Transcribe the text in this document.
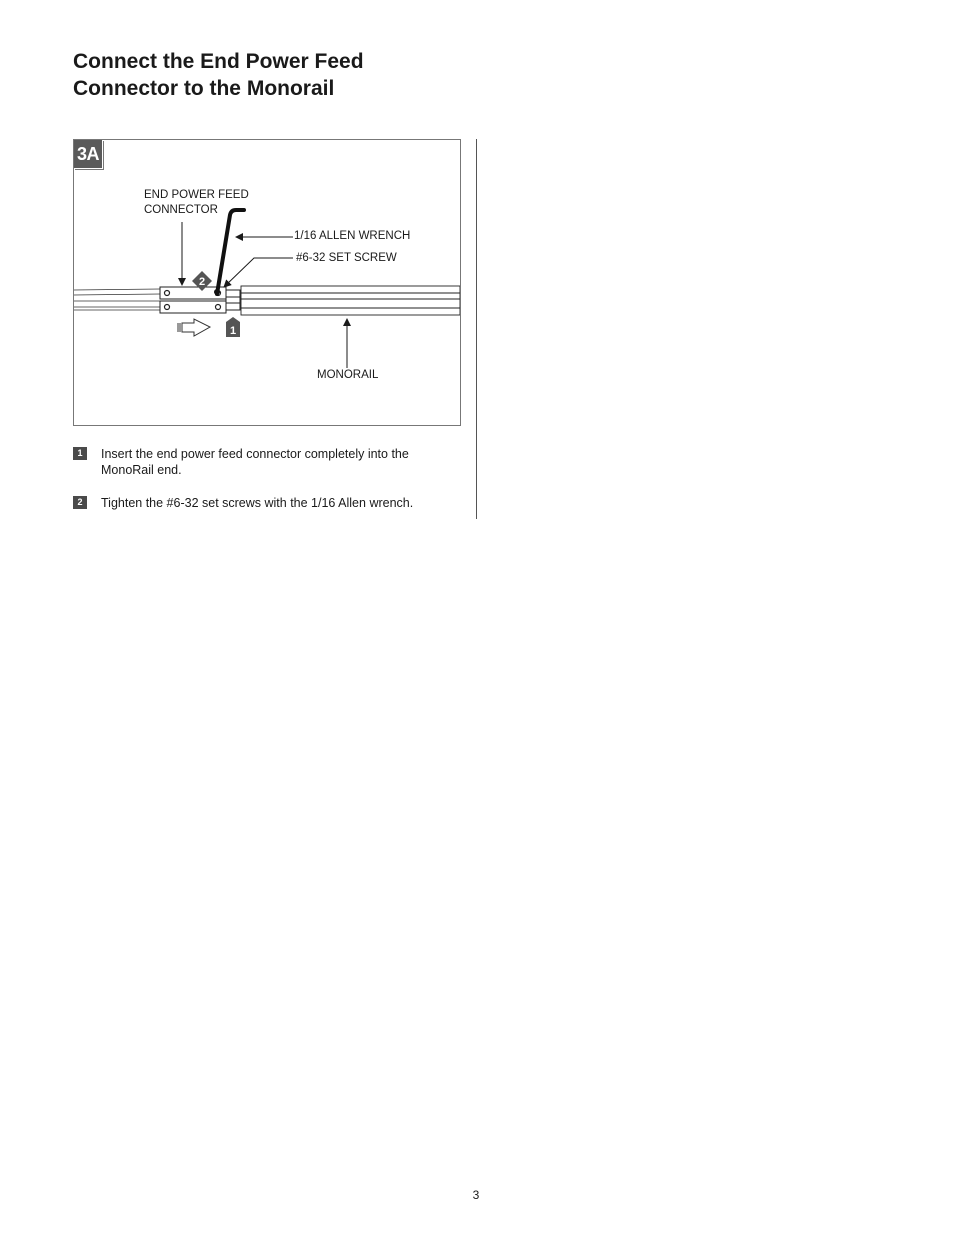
Connect the End Power Feed
Connector to the Monorail
2
1
3A
END POWER FEED
CONNECTOR
1/16 ALLEN WRENCH
#6-32 SET SCREW
MONORAIL
1	Insert the end power feed connector completely into the MonoRail end.
2	Tighten the #6-32 set screws with the 1/16 Allen wrench.
3
